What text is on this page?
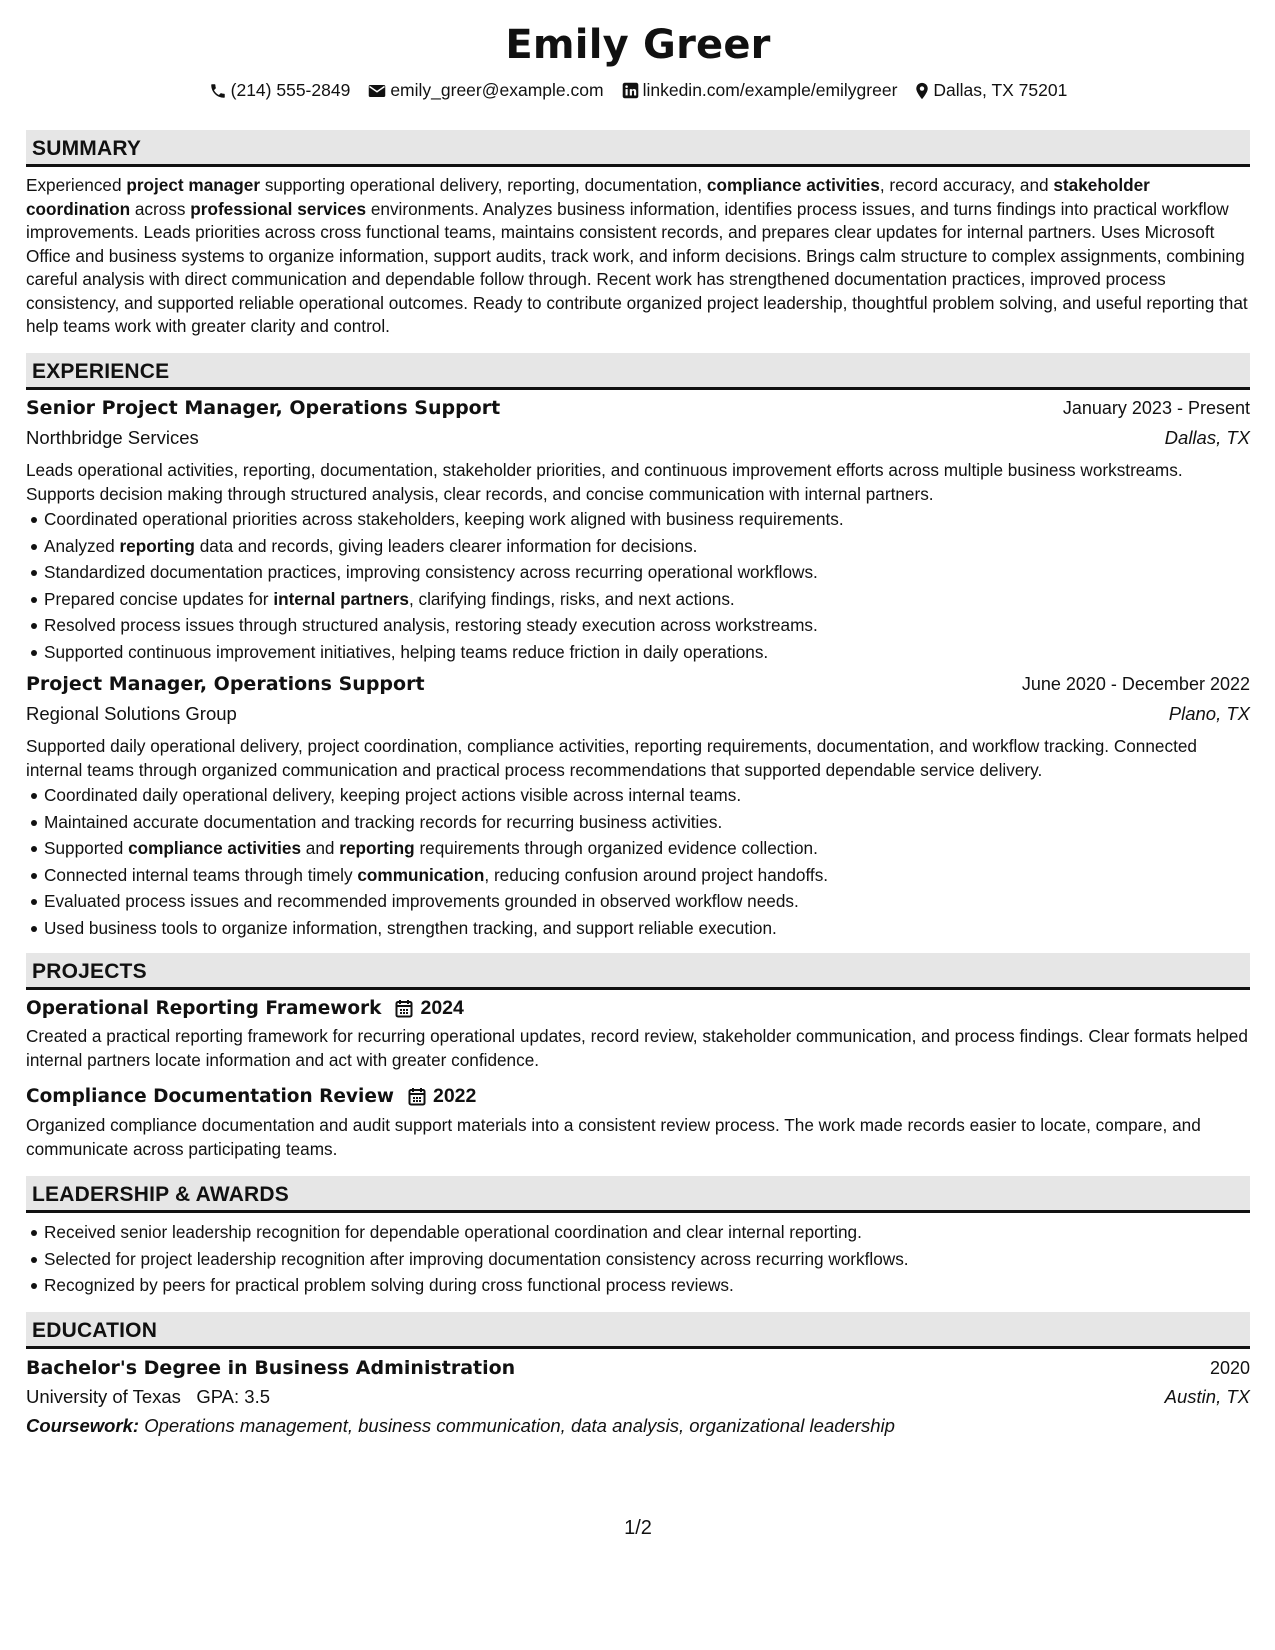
Emily Greer
(214) 555-2849 emily_greer@example.com linkedin.com/example/emilygreer Dallas, TX 75201
SUMMARY
Experienced project manager supporting operational delivery, reporting, documentation, compliance activities, record accuracy, and stakeholder coordination across professional services environments. Analyzes business information, identifies process issues, and turns findings into practical workflow improvements. Leads priorities across cross functional teams, maintains consistent records, and prepares clear updates for internal partners. Uses Microsoft Office and business systems to organize information, support audits, track work, and inform decisions. Brings calm structure to complex assignments, combining careful analysis with direct communication and dependable follow through. Recent work has strengthened documentation practices, improved process consistency, and supported reliable operational outcomes. Ready to contribute organized project leadership, thoughtful problem solving, and useful reporting that help teams work with greater clarity and control.
EXPERIENCE
Senior Project Manager, Operations Support	January 2023 - Present
Northbridge Services	Dallas, TX
Leads operational activities, reporting, documentation, stakeholder priorities, and continuous improvement efforts across multiple business workstreams. Supports decision making through structured analysis, clear records, and concise communication with internal partners.
Coordinated operational priorities across stakeholders, keeping work aligned with business requirements.
Analyzed reporting data and records, giving leaders clearer information for decisions.
Standardized documentation practices, improving consistency across recurring operational workflows.
Prepared concise updates for internal partners, clarifying findings, risks, and next actions.
Resolved process issues through structured analysis, restoring steady execution across workstreams.
Supported continuous improvement initiatives, helping teams reduce friction in daily operations.
Project Manager, Operations Support	June 2020 - December 2022
Regional Solutions Group	Plano, TX
Supported daily operational delivery, project coordination, compliance activities, reporting requirements, documentation, and workflow tracking. Connected internal teams through organized communication and practical process recommendations that supported dependable service delivery.
Coordinated daily operational delivery, keeping project actions visible across internal teams.
Maintained accurate documentation and tracking records for recurring business activities.
Supported compliance activities and reporting requirements through organized evidence collection.
Connected internal teams through timely communication, reducing confusion around project handoffs.
Evaluated process issues and recommended improvements grounded in observed workflow needs.
Used business tools to organize information, strengthen tracking, and support reliable execution.
PROJECTS
Operational Reporting Framework 2024
Created a practical reporting framework for recurring operational updates, record review, stakeholder communication, and process findings. Clear formats helped internal partners locate information and act with greater confidence.
Compliance Documentation Review 2022
Organized compliance documentation and audit support materials into a consistent review process. The work made records easier to locate, compare, and communicate across participating teams.
LEADERSHIP & AWARDS
Received senior leadership recognition for dependable operational coordination and clear internal reporting.
Selected for project leadership recognition after improving documentation consistency across recurring workflows.
Recognized by peers for practical problem solving during cross functional process reviews.
EDUCATION
Bachelor's Degree in Business Administration	2020
University of Texas   GPA: 3.5	Austin, TX
Coursework: Operations management, business communication, data analysis, organizational leadership
1/2
